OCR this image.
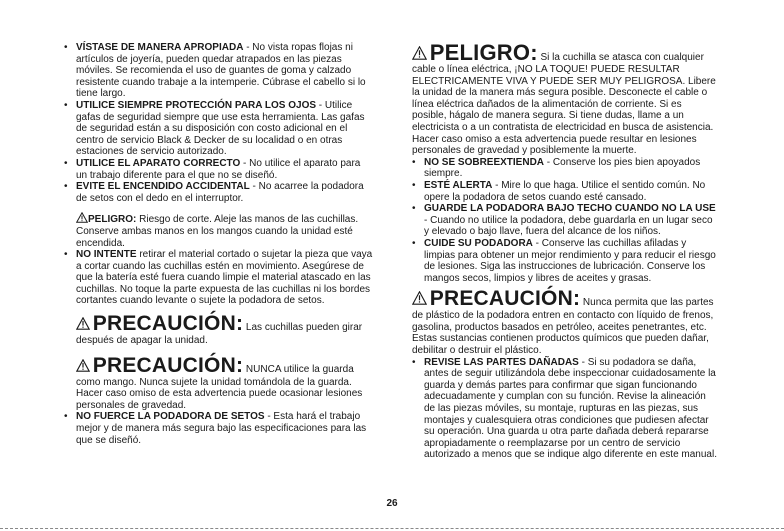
• VÍSTASE DE MANERA APROPIADA - No vista ropas flojas ni artículos de joyería, pueden quedar atrapados en las piezas móviles. Se recomienda el uso de guantes de goma y calzado resistente cuando trabaje a la intemperie. Cúbrase el cabello si lo tiene largo.
• UTILICE SIEMPRE PROTECCIÓN PARA LOS OJOS - Utilice gafas de seguridad siempre que use esta herramienta. Las gafas de seguridad están a su disposición con costo adicional en el centro de servicio Black & Decker de su localidad o en otras estaciones de servicio autorizado.
• UTILICE EL APARATO CORRECTO - No utilice el aparato para un trabajo diferente para el que no se diseñó.
• EVITE EL ENCENDIDO ACCIDENTAL - No acarree la podadora de setos con el dedo en el interruptor.
PELIGRO: Riesgo de corte. Aleje las manos de las cuchillas. Conserve ambas manos en los mangos cuando la unidad esté encendida.
• NO INTENTE retirar el material cortado o sujetar la pieza que vaya a cortar cuando las cuchillas estén en movimiento. Asegúrese de que la batería esté fuera cuando limpie el material atascado en las cuchillas. No toque la parte expuesta de las cuchillas ni los bordes cortantes cuando levante o sujete la podadora de setos.
PRECAUCIÓN: Las cuchillas pueden girar después de apagar la unidad.
PRECAUCIÓN: NUNCA utilice la guarda como mango. Nunca sujete la unidad tomándola de la guarda. Hacer caso omiso de esta advertencia puede ocasionar lesiones personales de gravedad.
• NO FUERCE LA PODADORA DE SETOS - Esta hará el trabajo mejor y de manera más segura bajo las especificaciones para las que se diseñó.
PELIGRO: Si la cuchilla se atasca con cualquier cable o línea eléctrica, ¡NO LA TOQUE! PUEDE RESULTAR ELECTRICAMENTE VIVA Y PUEDE SER MUY PELIGROSA. Libere la unidad de la manera más segura posible. Desconecte el cable o línea eléctrica dañados de la alimentación de corriente. Si es posible, hágalo de manera segura. Si tiene dudas, llame a un electricista o a un contratista de electricidad en busca de asistencia. Hacer caso omiso a esta advertencia puede resultar en lesiones personales de gravedad y posiblemente la muerte.
• NO SE SOBREEXTIENDA - Conserve los pies bien apoyados siempre.
• ESTÉ ALERTA - Mire lo que haga. Utilice el sentido común. No opere la podadora de setos cuando esté cansado.
• GUARDE LA PODADORA BAJO TECHO CUANDO NO LA USE - Cuando no utilice la podadora, debe guardarla en un lugar seco y elevado o bajo llave, fuera del alcance de los niños.
• CUIDE SU PODADORA - Conserve las cuchillas afiladas y limpias para obtener un mejor rendimiento y para reducir el riesgo de lesiones. Siga las instrucciones de lubricación. Conserve los mangos secos, limpios y libres de aceites y grasas.
PRECAUCIÓN: Nunca permita que las partes de plástico de la podadora entren en contacto con líquido de frenos, gasolina, productos basados en petróleo, aceites penetrantes, etc. Estas sustancias contienen productos químicos que pueden dañar, debilitar o destruir el plástico.
• REVISE LAS PARTES DAÑADAS - Si su podadora se daña, antes de seguir utilizándola debe inspeccionar cuidadosamente la guarda y demás partes para confirmar que sigan funcionando adecuadamente y cumplan con su función. Revise la alineación de las piezas móviles, su montaje, rupturas en las piezas, sus montajes y cualesquiera otras condiciones que pudiesen afectar su operación. Una guarda u otra parte dañada deberá repararse apropiadamente o reemplazarse por un centro de servicio autorizado a menos que se indique algo diferente en este manual.
26
